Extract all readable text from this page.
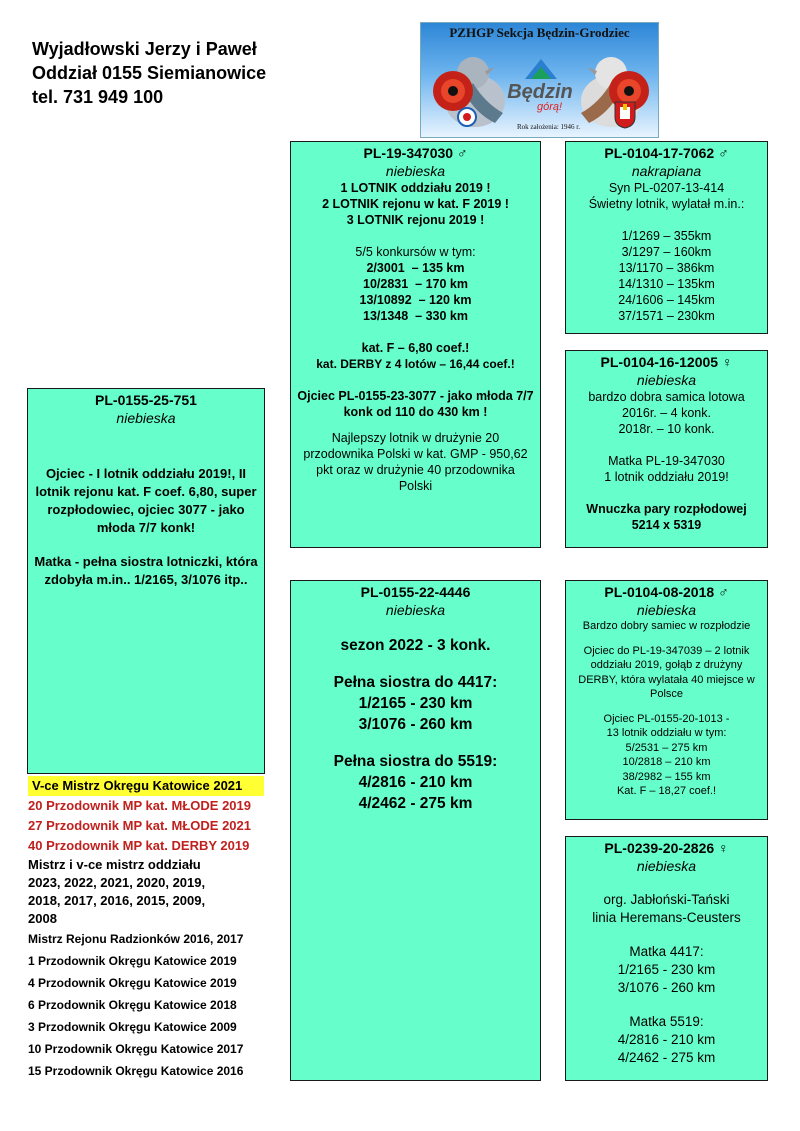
Wyjadłowski Jerzy i Paweł
Oddział 0155 Siemianowice
tel. 731 949 100
PZHGP Sekcja Będzin-Grodziec
Będzin
górą!
Rok założenia: 1946 r.
PL-0155-25-751
niebieska
Ojciec - I lotnik oddziału 2019!, II lotnik rejonu kat. F coef. 6,80, super rozpłodowiec, ojciec 3077 - jako młoda 7/7 konk!
Matka - pełna siostra lotniczki, która zdobyła m.in.. 1/2165, 3/1076 itp..
PL-19-347030 ♂
niebieska
1 LOTNIK oddziału 2019 !
2 LOTNIK rejonu w kat. F 2019 !
3 LOTNIK rejonu 2019 !
5/5 konkursów w tym:
2/3001 – 135 km
10/2831 – 170 km
13/10892 – 120 km
13/1348 – 330 km
kat. F – 6,80 coef.!
kat. DERBY z 4 lotów – 16,44 coef.!
Ojciec PL-0155-23-3077 - jako młoda 7/7 konk od 110 do 430 km !
Najlepszy lotnik w drużynie 20 przodownika Polski w kat. GMP - 950,62 pkt oraz w drużynie 40 przodownika Polski
PL-0104-17-7062 ♂
nakrapiana
Syn PL-0207-13-414
Świetny lotnik, wylatał m.in.:
1/1269 – 355km
3/1297 – 160km
13/1170 – 386km
14/1310 – 135km
24/1606 – 145km
37/1571 – 230km
PL-0104-16-12005 ♀
niebieska
bardzo dobra samica lotowa
2016r. – 4 konk.
2018r. – 10 konk.
Matka PL-19-347030
1 lotnik oddziału 2019!
Wnuczka pary rozpłodowej
5214 x 5319
PL-0155-22-4446
niebieska
sezon 2022 - 3 konk.
Pełna siostra do 4417:
1/2165 - 230 km
3/1076 - 260 km
Pełna siostra do 5519:
4/2816 - 210 km
4/2462 - 275 km
PL-0104-08-2018 ♂
niebieska
Bardzo dobry samiec w rozpłodzie
Ojciec do PL-19-347039 – 2 lotnik oddziału 2019, gołąb z drużyny DERBY, która wylatała 40 miejsce w Polsce
Ojciec PL-0155-20-1013 -
13 lotnik oddziału w tym:
5/2531 – 275 km
10/2818 – 210 km
38/2982 – 155 km
Kat. F – 18,27 coef.!
PL-0239-20-2826 ♀
niebieska
org. Jabłoński-Tański
linia Heremans-Ceusters
Matka 4417:
1/2165 - 230 km
3/1076 - 260 km
Matka 5519:
4/2816 - 210 km
4/2462 - 275 km
V-ce Mistrz Okręgu Katowice 2021
20 Przodownik MP kat. MŁODE 2019
27 Przodownik MP kat. MŁODE 2021
40 Przodownik MP kat. DERBY 2019
Mistrz i v-ce mistrz oddziału
2023, 2022, 2021, 2020, 2019,
2018, 2017, 2016, 2015, 2009,
2008
Mistrz Rejonu Radzionków 2016, 2017
1 Przodownik Okręgu Katowice 2019
4 Przodownik Okręgu Katowice 2019
6 Przodownik Okręgu Katowice 2018
3 Przodownik Okręgu Katowice 2009
10 Przodownik Okręgu Katowice 2017
15 Przodownik Okręgu Katowice 2016
